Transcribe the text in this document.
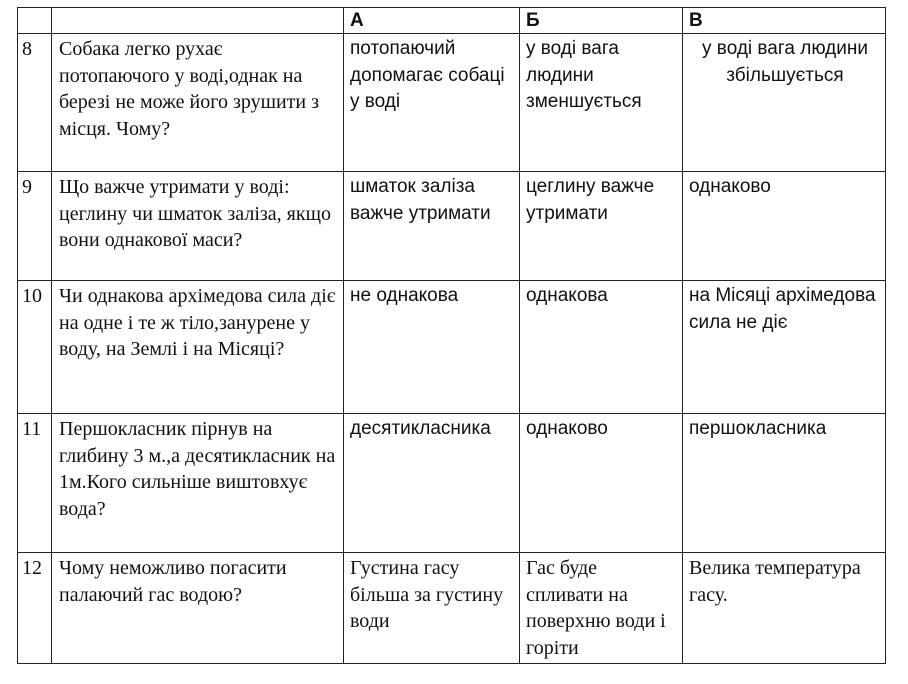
		А	Б	В
8	Собака легко рухає потопаючого у воді,однак на березі не може його зрушити з місця. Чому?	потопаючий допомагає собаці у воді	у воді вага людини зменшується	у воді вага людини збільшується
9	Що важче утримати у воді: цеглину чи шматок заліза, якщо вони однакової маси?	шматок заліза важче утримати	цеглину важче утримати	однаково
10	Чи однакова архімедова сила діє на одне і те ж тіло,занурене у воду, на Землі і на Місяці?	не однакова	однакова	на Місяці архімедова сила не діє
11	Першокласник пірнув на глибину 3 м.,а десятикласник на 1м.Кого сильніше виштовхує вода?	десятикласника	однаково	першокласника
12	Чому неможливо погасити палаючий гас водою?	Густина гасу більша за густину води	Гас буде спливати на поверхню води і горіти	Велика температура гасу.
